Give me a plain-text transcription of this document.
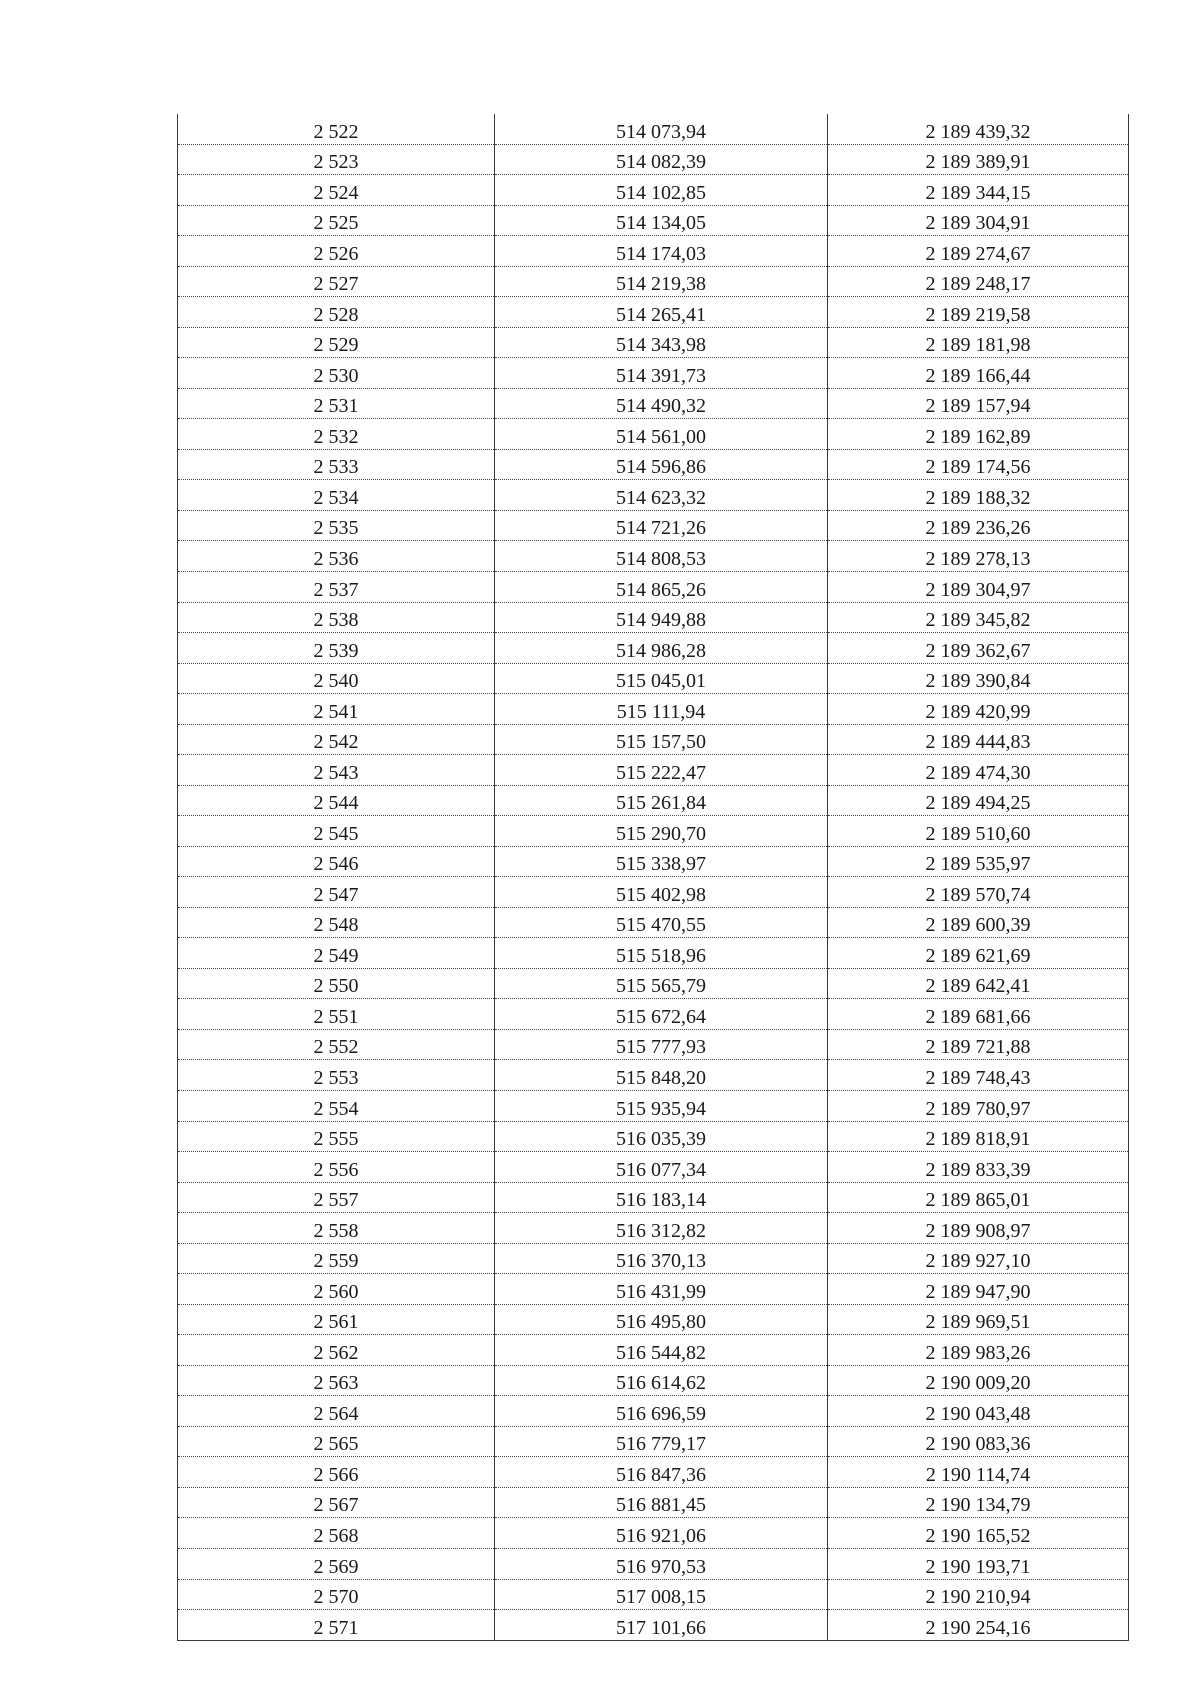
2 522	514 073,94	2 189 439,32
2 523	514 082,39	2 189 389,91
2 524	514 102,85	2 189 344,15
2 525	514 134,05	2 189 304,91
2 526	514 174,03	2 189 274,67
2 527	514 219,38	2 189 248,17
2 528	514 265,41	2 189 219,58
2 529	514 343,98	2 189 181,98
2 530	514 391,73	2 189 166,44
2 531	514 490,32	2 189 157,94
2 532	514 561,00	2 189 162,89
2 533	514 596,86	2 189 174,56
2 534	514 623,32	2 189 188,32
2 535	514 721,26	2 189 236,26
2 536	514 808,53	2 189 278,13
2 537	514 865,26	2 189 304,97
2 538	514 949,88	2 189 345,82
2 539	514 986,28	2 189 362,67
2 540	515 045,01	2 189 390,84
2 541	515 111,94	2 189 420,99
2 542	515 157,50	2 189 444,83
2 543	515 222,47	2 189 474,30
2 544	515 261,84	2 189 494,25
2 545	515 290,70	2 189 510,60
2 546	515 338,97	2 189 535,97
2 547	515 402,98	2 189 570,74
2 548	515 470,55	2 189 600,39
2 549	515 518,96	2 189 621,69
2 550	515 565,79	2 189 642,41
2 551	515 672,64	2 189 681,66
2 552	515 777,93	2 189 721,88
2 553	515 848,20	2 189 748,43
2 554	515 935,94	2 189 780,97
2 555	516 035,39	2 189 818,91
2 556	516 077,34	2 189 833,39
2 557	516 183,14	2 189 865,01
2 558	516 312,82	2 189 908,97
2 559	516 370,13	2 189 927,10
2 560	516 431,99	2 189 947,90
2 561	516 495,80	2 189 969,51
2 562	516 544,82	2 189 983,26
2 563	516 614,62	2 190 009,20
2 564	516 696,59	2 190 043,48
2 565	516 779,17	2 190 083,36
2 566	516 847,36	2 190 114,74
2 567	516 881,45	2 190 134,79
2 568	516 921,06	2 190 165,52
2 569	516 970,53	2 190 193,71
2 570	517 008,15	2 190 210,94
2 571	517 101,66	2 190 254,16
